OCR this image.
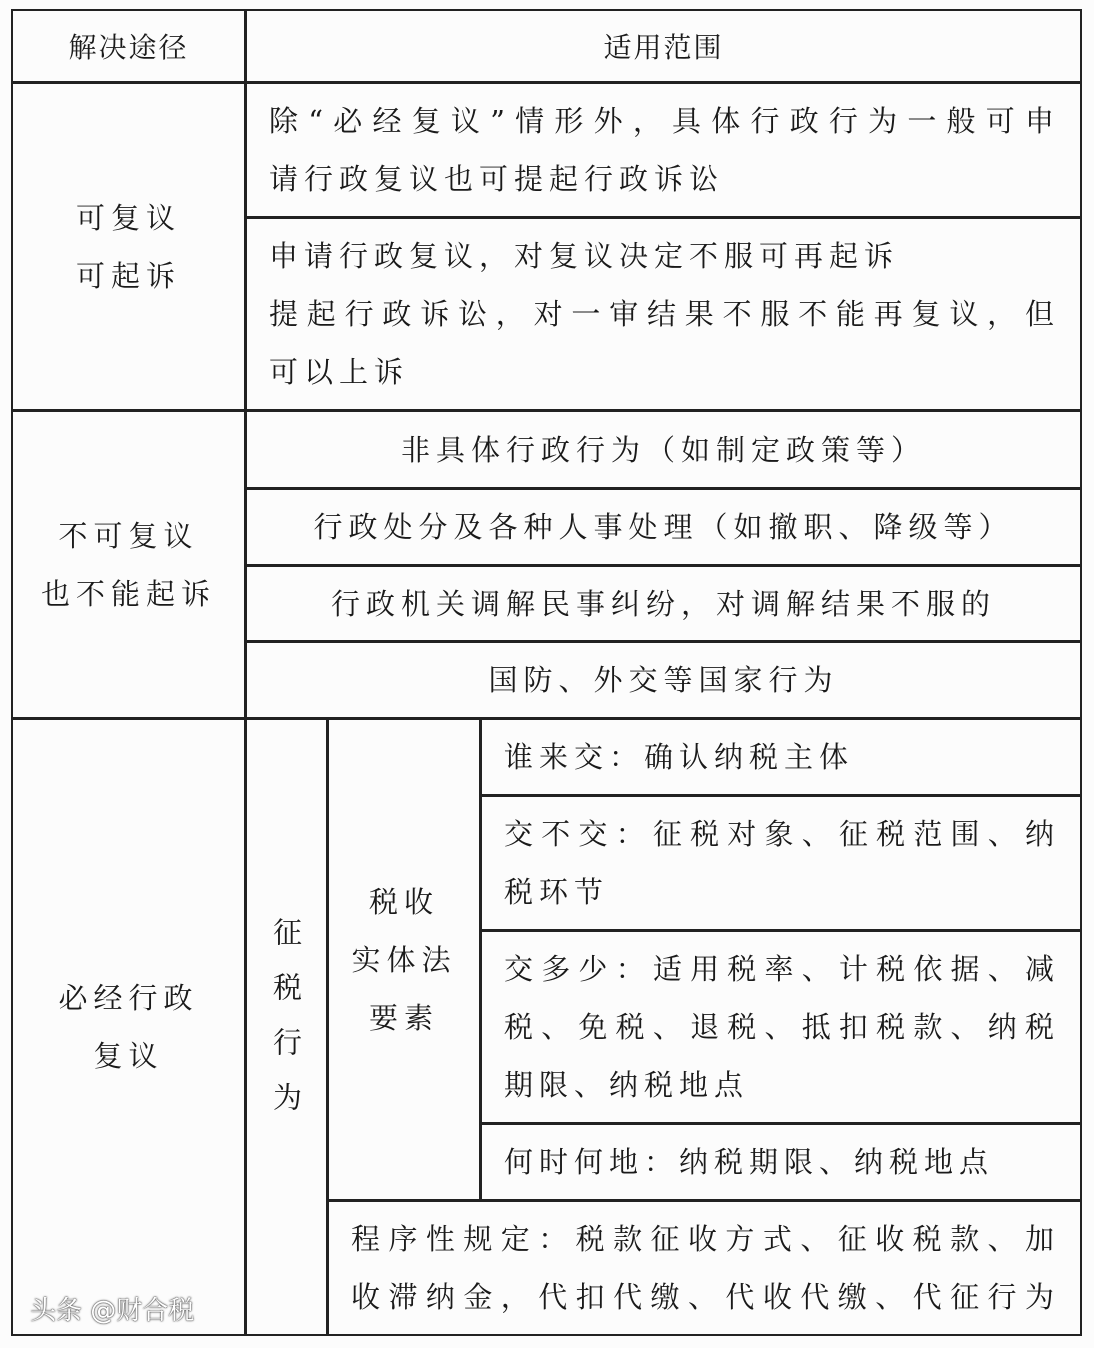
解决途径	适用范围
可复议
可起诉
除“必经复议”情形外，具体行政行为一般可申
请行政复议也可提起行政诉讼
申请行政复议，对复议决定不服可再起诉
提起行政诉讼，对一审结果不服不能再复议，但
可以上诉
不可复议
也不能起诉
非具体行政行为（如制定政策等）
行政处分及各种人事处理（如撤职、降级等）
行政机关调解民事纠纷，对调解结果不服的
国防、外交等国家行为
必经行政
复议	征税行为
税收
实体法
要素
谁来交：确认纳税主体
交不交：征税对象、征税范围、纳
税环节
交多少：适用税率、计税依据、减
税、免税、退税、抵扣税款、纳税
期限、纳税地点
何时何地：纳税期限、纳税地点
程序性规定：税款征收方式、征收税款、加
收滞纳金，代扣代缴、代收代缴、代征行为
头条 @财合税
